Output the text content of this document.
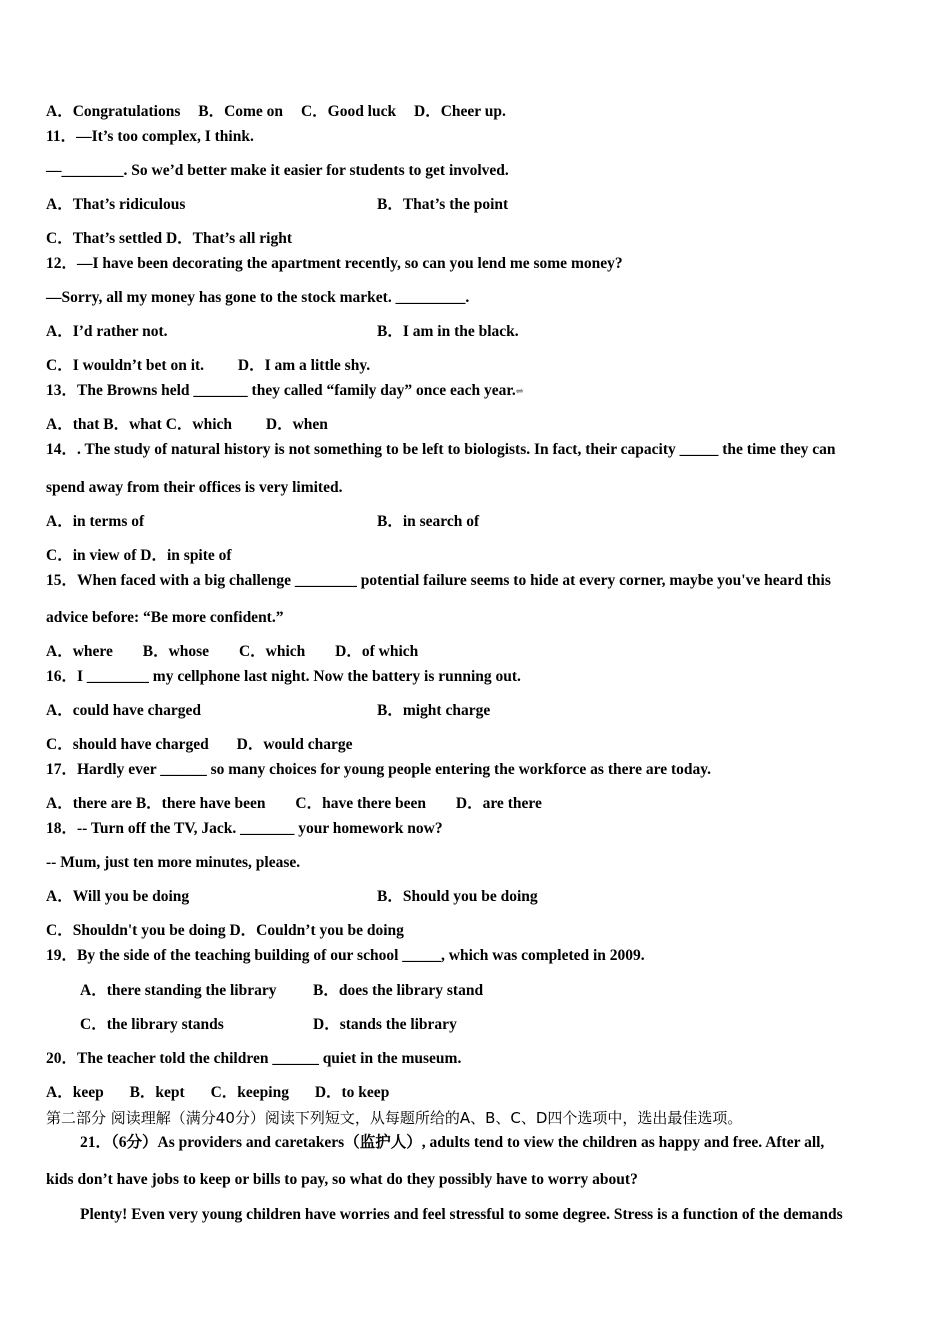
A．Congratulations B．Come on C．Good luck D．Cheer up.
11．—It’s too complex, I think.
—________. So we’d better make it easier for students to get involved.
A．That’s ridiculous	B．That’s the point
C．That’s settled D．That’s all right
12．—I have been decorating the apartment recently, so can you lend me some money?
—Sorry, all my money has gone to the stock market. _________.
A．I’d rather not.	B．I am in the black.
C．I wouldn’t bet on it. D．I am a little shy.
13．The Browns held _______ they called “family day” once each year.⇌
A．that B．what C．which D．when
14．. The study of natural history is not something to be left to biologists. In fact, their capacity _____ the time they can
spend away from their offices is very limited.
A．in terms of	B．in search of
C．in view of D．in spite of
15．When faced with a big challenge ________ potential failure seems to hide at every corner, maybe you've heard this
advice before: “Be more confident.”
A．where B．whose C．which D．of which
16．I ________ my cellphone last night. Now the battery is running out.
A．could have charged	B．might charge
C．should have charged D．would charge
17．Hardly ever ______ so many choices for young people entering the workforce as there are today.
A．there are B．there have been C．have there been D．are there
18．-- Turn off the TV, Jack. _______ your homework now?
-- Mum, just ten more minutes, please.
A．Will you be doing	B．Should you be doing
C．Shouldn't you be doing D．Couldn’t you be doing
19．By the side of the teaching building of our school _____, which was completed in 2009.
A．there standing the library B．does the library stand
C．the library stands	D．stands the library
20．The teacher told the children ______ quiet in the museum.
A．keep B．kept C．keeping D．to keep
第二部分 阅读理解（满分40分）阅读下列短文，从每题所给的A、B、C、D四个选项中，选出最佳选项。
21．（6分）As providers and caretakers（监护人）, adults tend to view the children as happy and free. After all,
kids don’t have jobs to keep or bills to pay, so what do they possibly have to worry about?
Plenty! Even very young children have worries and feel stressful to some degree. Stress is a function of the demands
